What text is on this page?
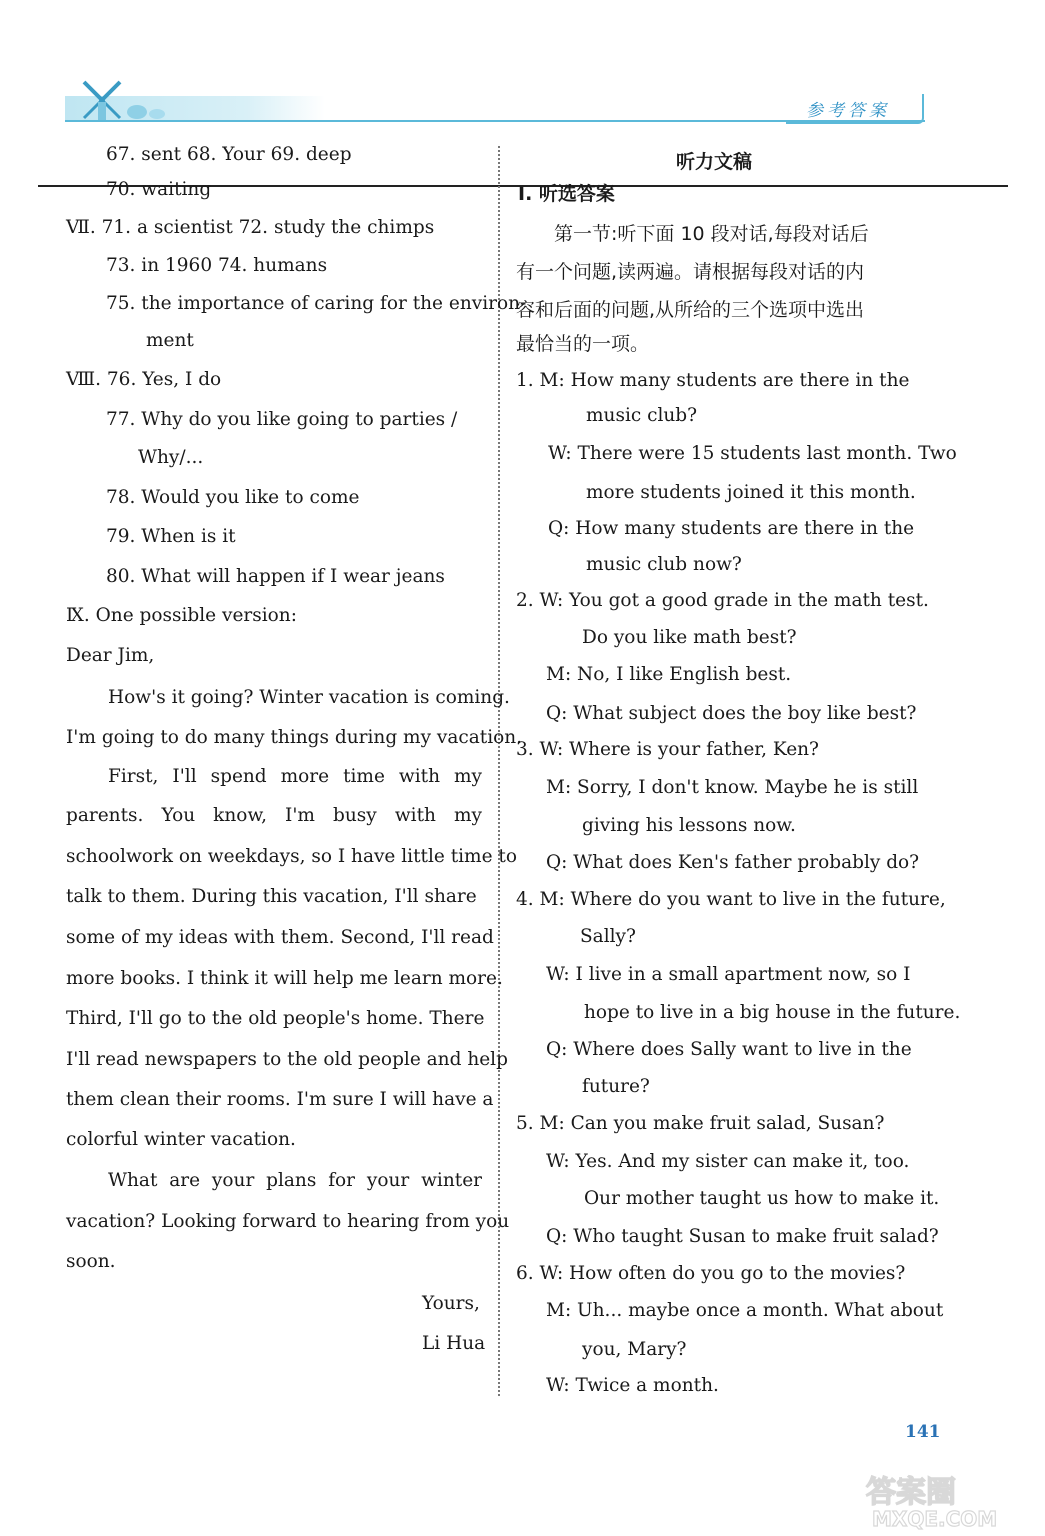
参考答案
67. sent 68. Your 69. deep
70. waiting
Ⅶ. 71. a scientist 72. study the chimps
73. in 1960 74. humans
75. the importance of caring for the environ-
ment
Ⅷ. 76. Yes, I do
77. Why do you like going to parties /
Why/...
78. Would you like to come
79. When is it
80. What will happen if I wear jeans
Ⅸ. One possible version:
Dear Jim,
How's it going? Winter vacation is coming.
I'm going to do many things during my vacation.
First, I'll spend more time with my
parents. You know, I'm busy with my
schoolwork on weekdays, so I have little time to
talk to them. During this vacation, I'll share
some of my ideas with them. Second, I'll read
more books. I think it will help me learn more.
Third, I'll go to the old people's home. There
I'll read newspapers to the old people and help
them clean their rooms. I'm sure I will have a
colorful winter vacation.
What are your plans for your winter
vacation? Looking forward to hearing from you
soon.
Yours,
Li Hua
听力文稿
Ⅰ. 听选答案
第一节:听下面 10 段对话,每段对话后
有一个问题,读两遍。请根据每段对话的内
容和后面的问题,从所给的三个选项中选出
最恰当的一项。
1. M: How many students are there in the
music club?
W: There were 15 students last month. Two
more students joined it this month.
Q: How many students are there in the
music club now?
2. W: You got a good grade in the math test.
Do you like math best?
M: No, I like English best.
Q: What subject does the boy like best?
3. W: Where is your father, Ken?
M: Sorry, I don't know. Maybe he is still
giving his lessons now.
Q: What does Ken's father probably do?
4. M: Where do you want to live in the future,
Sally?
W: I live in a small apartment now, so I
hope to live in a big house in the future.
Q: Where does Sally want to live in the
future?
5. M: Can you make fruit salad, Susan?
W: Yes. And my sister can make it, too.
Our mother taught us how to make it.
Q: Who taught Susan to make fruit salad?
6. W: How often do you go to the movies?
M: Uh... maybe once a month. What about
you, Mary?
W: Twice a month.
141
答案圈
MXQE.COM
